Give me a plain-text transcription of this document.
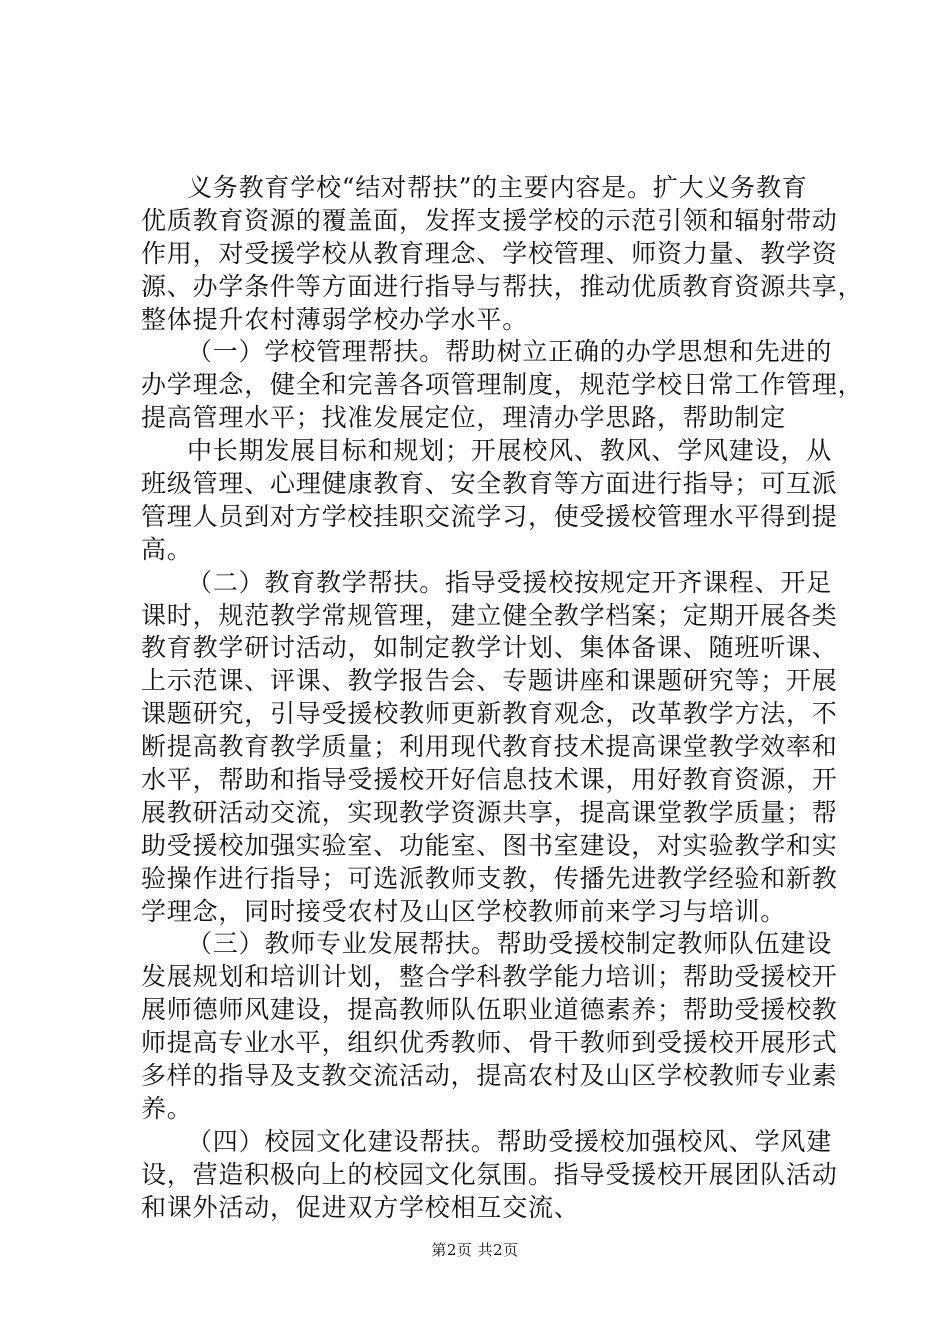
义务教育学校“结对帮扶”的主要内容是。扩大义务教育
优质教育资源的覆盖面，发挥支援学校的示范引领和辐射带动
作用，对受援学校从教育理念、学校管理、师资力量、教学资
源、办学条件等方面进行指导与帮扶，推动优质教育资源共享，
整体提升农村薄弱学校办学水平。
（一）学校管理帮扶。帮助树立正确的办学思想和先进的
办学理念，健全和完善各项管理制度，规范学校日常工作管理，
提高管理水平；找准发展定位，理清办学思路，帮助制定
中长期发展目标和规划；开展校风、教风、学风建设，从
班级管理、心理健康教育、安全教育等方面进行指导；可互派
管理人员到对方学校挂职交流学习，使受援校管理水平得到提
高。
（二）教育教学帮扶。指导受援校按规定开齐课程、开足
课时，规范教学常规管理，建立健全教学档案；定期开展各类
教育教学研讨活动，如制定教学计划、集体备课、随班听课、
上示范课、评课、教学报告会、专题讲座和课题研究等；开展
课题研究，引导受援校教师更新教育观念，改革教学方法，不
断提高教育教学质量；利用现代教育技术提高课堂教学效率和
水平，帮助和指导受援校开好信息技术课，用好教育资源，开
展教研活动交流，实现教学资源共享，提高课堂教学质量；帮
助受援校加强实验室、功能室、图书室建设，对实验教学和实
验操作进行指导；可选派教师支教，传播先进教学经验和新教
学理念，同时接受农村及山区学校教师前来学习与培训。
（三）教师专业发展帮扶。帮助受援校制定教师队伍建设
发展规划和培训计划，整合学科教学能力培训；帮助受援校开
展师德师风建设，提高教师队伍职业道德素养；帮助受援校教
师提高专业水平，组织优秀教师、骨干教师到受援校开展形式
多样的指导及支教交流活动，提高农村及山区学校教师专业素
养。
（四）校园文化建设帮扶。帮助受援校加强校风、学风建
设，营造积极向上的校园文化氛围。指导受援校开展团队活动
和课外活动，促进双方学校相互交流、
第2页 共2页
